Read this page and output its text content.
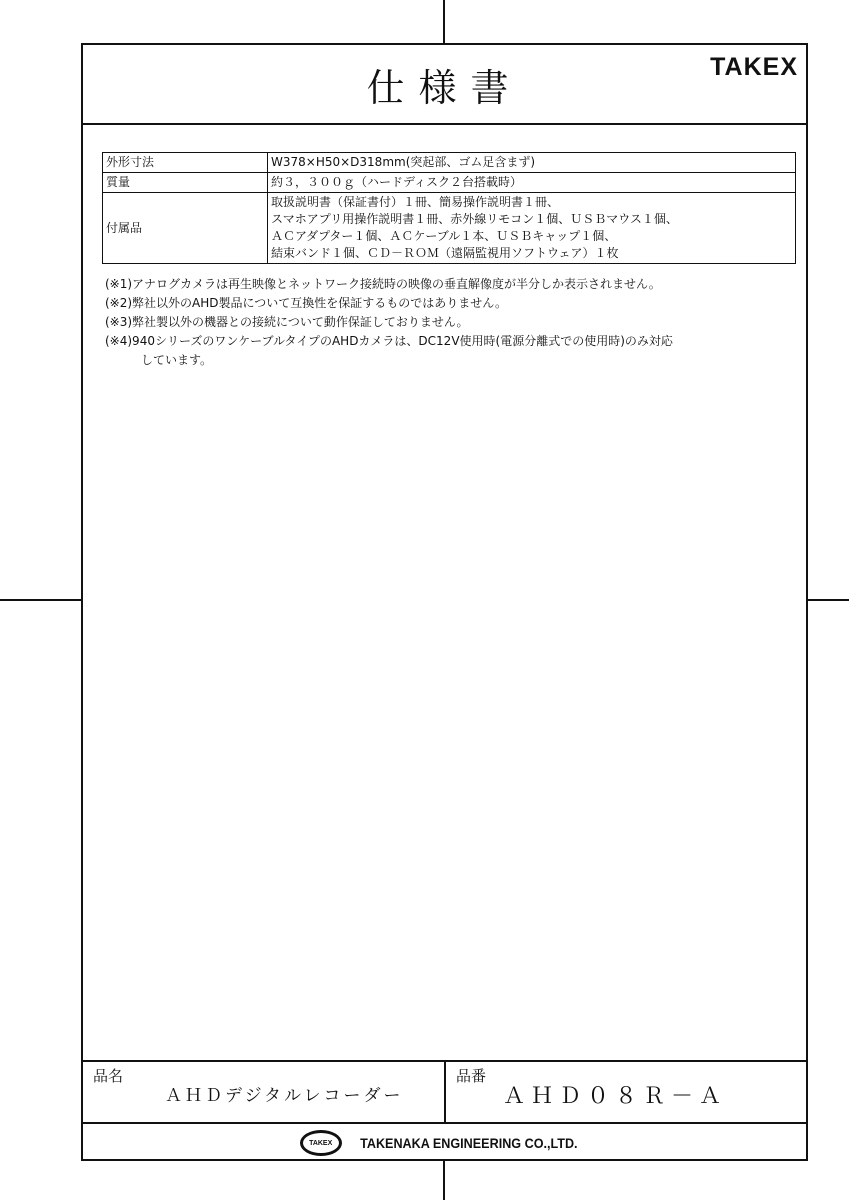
仕様書	TAKEX
外形寸法	W378×H50×D318mm(突起部、ゴム足含まず)
質量	約３，３００ｇ（ハードディスク２台搭載時）
付属品	取扱説明書（保証書付）１冊、簡易操作説明書１冊、
スマホアプリ用操作説明書１冊、赤外線リモコン１個、ＵＳＢマウス１個、
ＡＣアダプター１個、ＡＣケーブル１本、ＵＳＢキャップ１個、
結束バンド１個、ＣＤ－ＲＯＭ（遠隔監視用ソフトウェア）１枚
(※1)アナログカメラは再生映像とネットワーク接続時の映像の垂直解像度が半分しか表示されません。
(※2)弊社以外のAHD製品について互換性を保証するものではありません。
(※3)弊社製以外の機器との接続について動作保証しておりません。
(※4)940シリーズのワンケーブルタイプのAHDカメラは、DC12V使用時(電源分離式での使用時)のみ対応
しています。
品名
ＡＨＤデジタルレコーダー
品番
ＡＨＤ０８Ｒ－Ａ
TAKEX	TAKENAKA ENGINEERING CO.,LTD.
